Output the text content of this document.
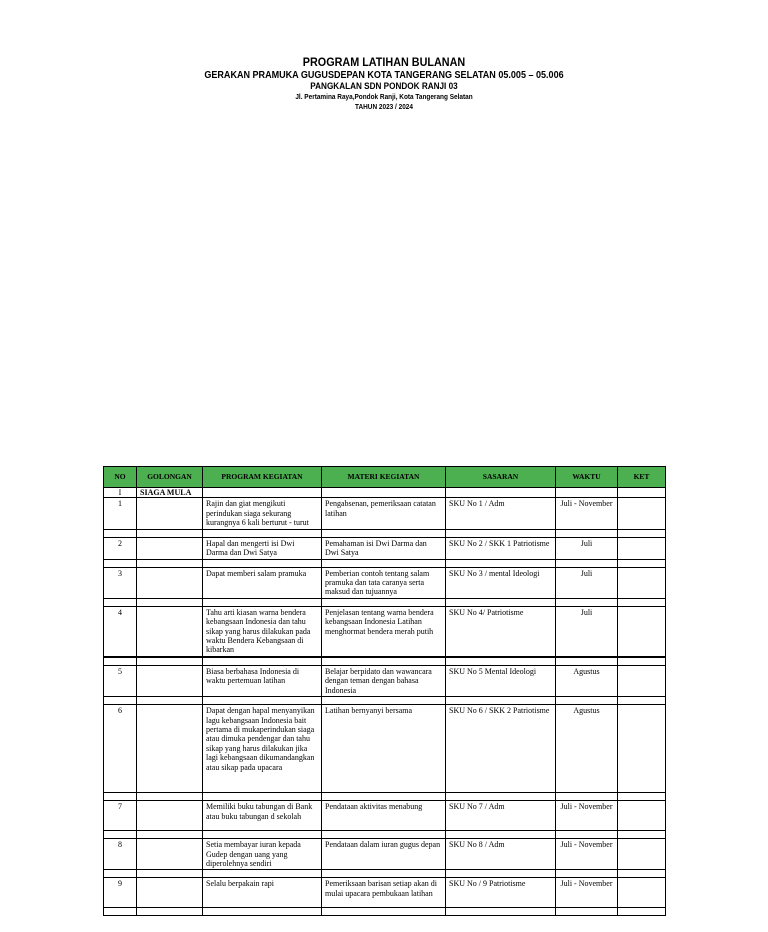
PROGRAM LATIHAN BULANAN
GERAKAN PRAMUKA GUGUSDEPAN KOTA TANGERANG SELATAN 05.005 – 05.006
PANGKALAN SDN PONDOK RANJI 03
Jl. Pertamina Raya,Pondok Ranji, Kota Tangerang Selatan
TAHUN 2023 / 2024
NO	GOLONGAN	PROGRAM KEGIATAN	MATERI KEGIATAN	SASARAN	WAKTU	KET
I	SIAGA MULA					
1		Rajin dan giat mengikuti perindukan siaga sekurang kurangnya 6 kali berturut - turut	Pengabsenan, pemeriksaan catatan latihan	SKU No 1 / Adm	Juli - November	

2		Hapal dan mengerti isi Dwi Darma dan Dwi Satya	Pemahaman isi Dwi Darma dan Dwi Satya	SKU No 2 / SKK 1 Patriotisme	Juli	

3		Dapat memberi salam pramuka	Pemberian contoh tentang salam pramuka dan tata caranya serta maksud dan tujuannya	SKU No 3 / mental Ideologi	Juli	

4		Tahu arti kiasan warna bendera kebangsaan Indonesia dan tahu sikap yang harus dilakukan pada waktu Bendera Kebangsaan di kibarkan	Penjelasan tentang warna bendera kebangsaan Indonesia Latihan menghormat bendera merah putih	SKU No 4/ Patriotisme	Juli	

5		Biasa berbahasa Indonesia di waktu pertemuan latihan	Belajar berpidato dan wawancara dengan teman dengan bahasa Indonesia	SKU No 5 Mental Ideologi	Agustus	

6		Dapat dengan hapal menyanyikan lagu kebangsaan Indonesia bait pertama di mukaperindukan siaga atau dimuka pendengar dan tahu sikap yang harus dilakukan jika lagi kebangsaan dikumandangkan atau sikap pada upacara	Latihan bernyanyi bersama	SKU No 6 / SKK 2 Patriotisme	Agustus	

7		Memiliki buku tabungan di Bank atau buku tabungan d sekolah	Pendataan aktivitas menabung	SKU No 7 / Adm	Juli - November	

8		Setia membayar iuran kepada Gudep dengan uang yang diperolehnya sendiri	Pendataan dalam iuran gugus depan	SKU No 8 / Adm	Juli - November	

9		Selalu berpakain rapi	Pemeriksaan barisan setiap akan di mulai upacara pembukaan latihan	SKU No / 9 Patriotisme	Juli - November	
